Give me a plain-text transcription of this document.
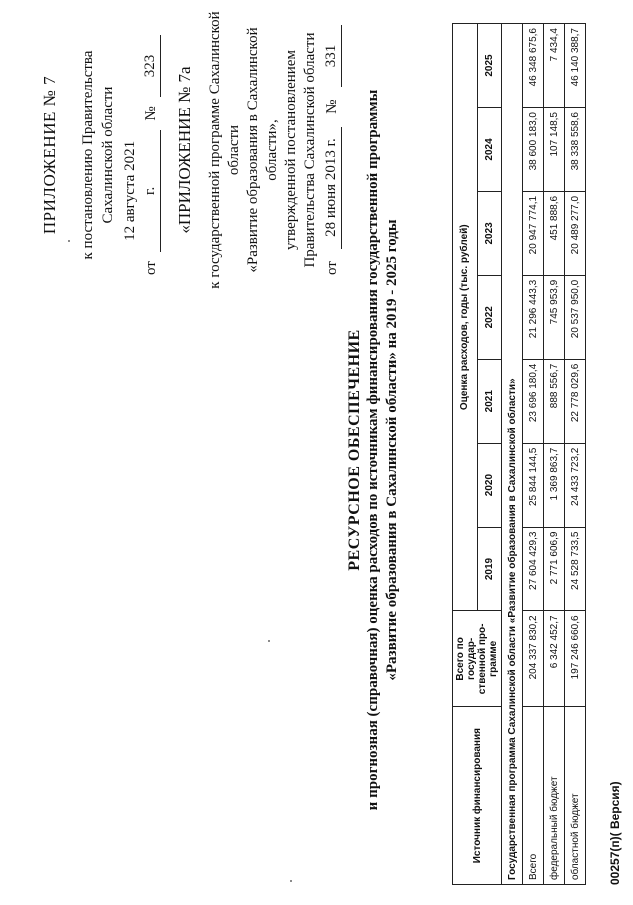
ПРИЛОЖЕНИЕ № 7 к постановлению Правительства Сахалинской области
от
12 августа 2021 г.
№
323
«ПРИЛОЖЕНИЕ № 7а к государственной программе Сахалинской области «Развитие образования в Сахалинской области», утвержденной постановлением Правительства Сахалинской области
от
28 июня 2013 г.
№
331
РЕСУРСНОЕ ОБЕСПЕЧЕНИЕ и прогнозная (справочная) оценка расходов по источникам финансирования государственной программы «Развитие образования в Сахалинской области» на 2019 - 2025 годы
Источник финансирования	Всего по государ-ственной про-грамме	Оценка расходов, годы (тыс. рублей)						
		2019	2020	2021	2022	2023	2024	2025
Государственная программа Сахалинской области «Развитие образования в Сахалинской области»								
Всего	204 337 830,2	27 604 429,3	25 844 144,5	23 696 180,4	21 296 443,3	20 947 774,1	38 600 183,0	46 348 675,6
федеральный бюджет	6 342 452,7	2 771 606,9	1 369 863,7	888 556,7	745 953,9	451 888,6	107 148,5	7 434,4
областной бюджет	197 246 660,6	24 528 733,5	24 433 723,2	22 778 029,6	20 537 950,0	20 489 277,0	38 338 558,6	46 140 388,7
00257(п)( Версия)
